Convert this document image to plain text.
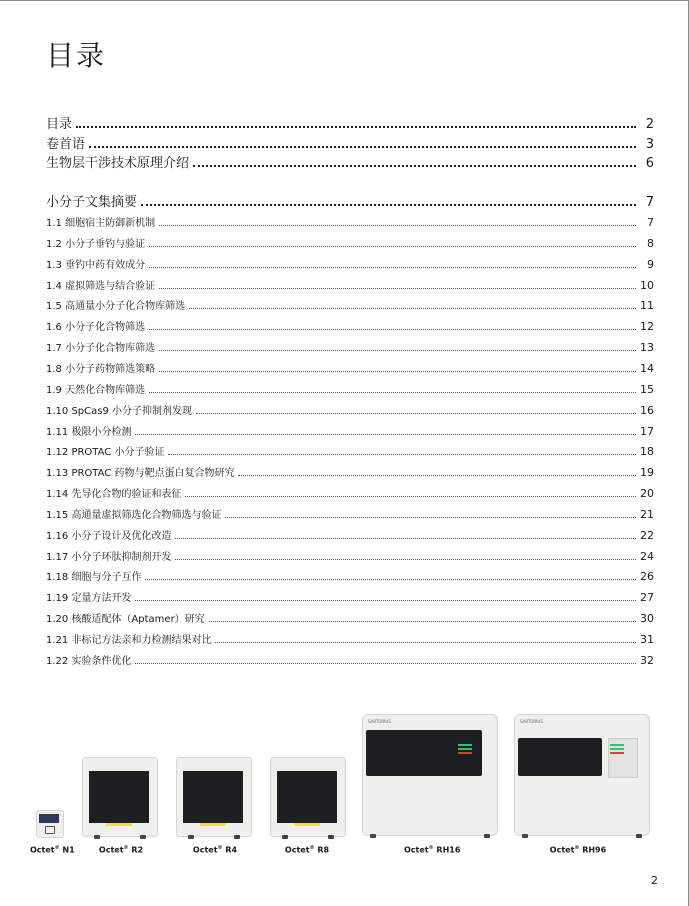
目录
目录	2
卷首语	3
生物层干涉技术原理介绍	6
小分子文集摘要	7
1.1 细胞宿主防御新机制	7
1.2 小分子垂钓与验证	8
1.3 垂钓中药有效成分	9
1.4 虚拟筛选与结合验证	10
1.5 高通量小分子化合物库筛选	11
1.6 小分子化合物筛选	12
1.7 小分子化合物库筛选	13
1.8 小分子药物筛选策略	14
1.9 天然化合物库筛选	15
1.10 SpCas9 小分子抑制剂发现	16
1.11 极限小分检测	17
1.12 PROTAC 小分子验证	18
1.13 PROTAC 药物与靶点蛋白复合物研究	19
1.14 先导化合物的验证和表征	20
1.15 高通量虚拟筛选化合物筛选与验证	21
1.16 小分子设计及优化改造	22
1.17 小分子环肽抑制剂开发	24
1.18 细胞与分子互作	26
1.19 定量方法开发	27
1.20 核酸适配体（Aptamer）研究	30
1.21 非标记方法亲和力检测结果对比	31
1.22 实验条件优化	32
Octet® N1	Octet® R2	Octet® R4	Octet® R8
SARTORIUS
Octet® RH16
SARTORIUS
Octet® RH96
2
